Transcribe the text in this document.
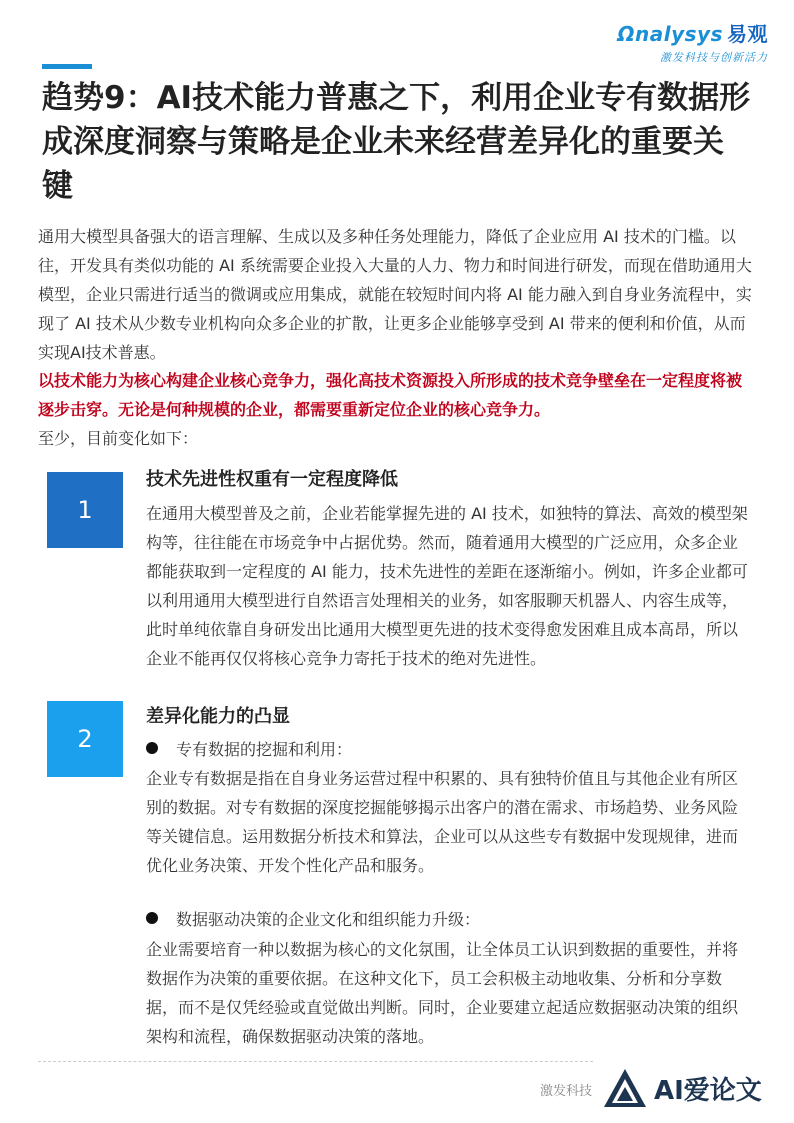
Ωnalysys 易观
激发科技与创新活力
趋势9：AI技术能力普惠之下，利用企业专有数据形成深度洞察与策略是企业未来经营差异化的重要关键

通用大模型具备强大的语言理解、生成以及多种任务处理能力，降低了企业应用 AI 技术的门槛。以往，开发具有类似功能的 AI 系统需要企业投入大量的人力、物力和时间进行研发，而现在借助通用大模型，企业只需进行适当的微调或应用集成，就能在较短时间内将 AI 能力融入到自身业务流程中，实现了 AI 技术从少数专业机构向众多企业的扩散，让更多企业能够享受到 AI 带来的便利和价值，从而实现AI技术普惠。

以技术能力为核心构建企业核心竞争力，强化高技术资源投入所形成的技术竞争壁垒在一定程度将被逐步击穿。无论是何种规模的企业，都需要重新定位企业的核心竞争力。

至少，目前变化如下：

1
技术先进性权重有一定程度降低

在通用大模型普及之前，企业若能掌握先进的 AI 技术，如独特的算法、高效的模型架构等，往往能在市场竞争中占据优势。然而，随着通用大模型的广泛应用，众多企业都能获取到一定程度的 AI 能力，技术先进性的差距在逐渐缩小。例如，许多企业都可以利用通用大模型进行自然语言处理相关的业务，如客服聊天机器人、内容生成等，此时单纯依靠自身研发出比通用大模型更先进的技术变得愈发困难且成本高昂，所以企业不能再仅仅将核心竞争力寄托于技术的绝对先进性。

2
差异化能力的凸显

专有数据的挖掘和利用：

企业专有数据是指在自身业务运营过程中积累的、具有独特价值且与其他企业有所区别的数据。对专有数据的深度挖掘能够揭示出客户的潜在需求、市场趋势、业务风险等关键信息。运用数据分析技术和算法，企业可以从这些专有数据中发现规律，进而优化业务决策、开发个性化产品和服务。

数据驱动决策的企业文化和组织能力升级：

企业需要培育一种以数据为核心的文化氛围，让全体员工认识到数据的重要性，并将数据作为决策的重要依据。在这种文化下，员工会积极主动地收集、分析和分享数据，而不是仅凭经验或直觉做出判断。同时，企业要建立起适应数据驱动决策的组织架构和流程，确保数据驱动决策的落地。

激发科技 AI爱论文
